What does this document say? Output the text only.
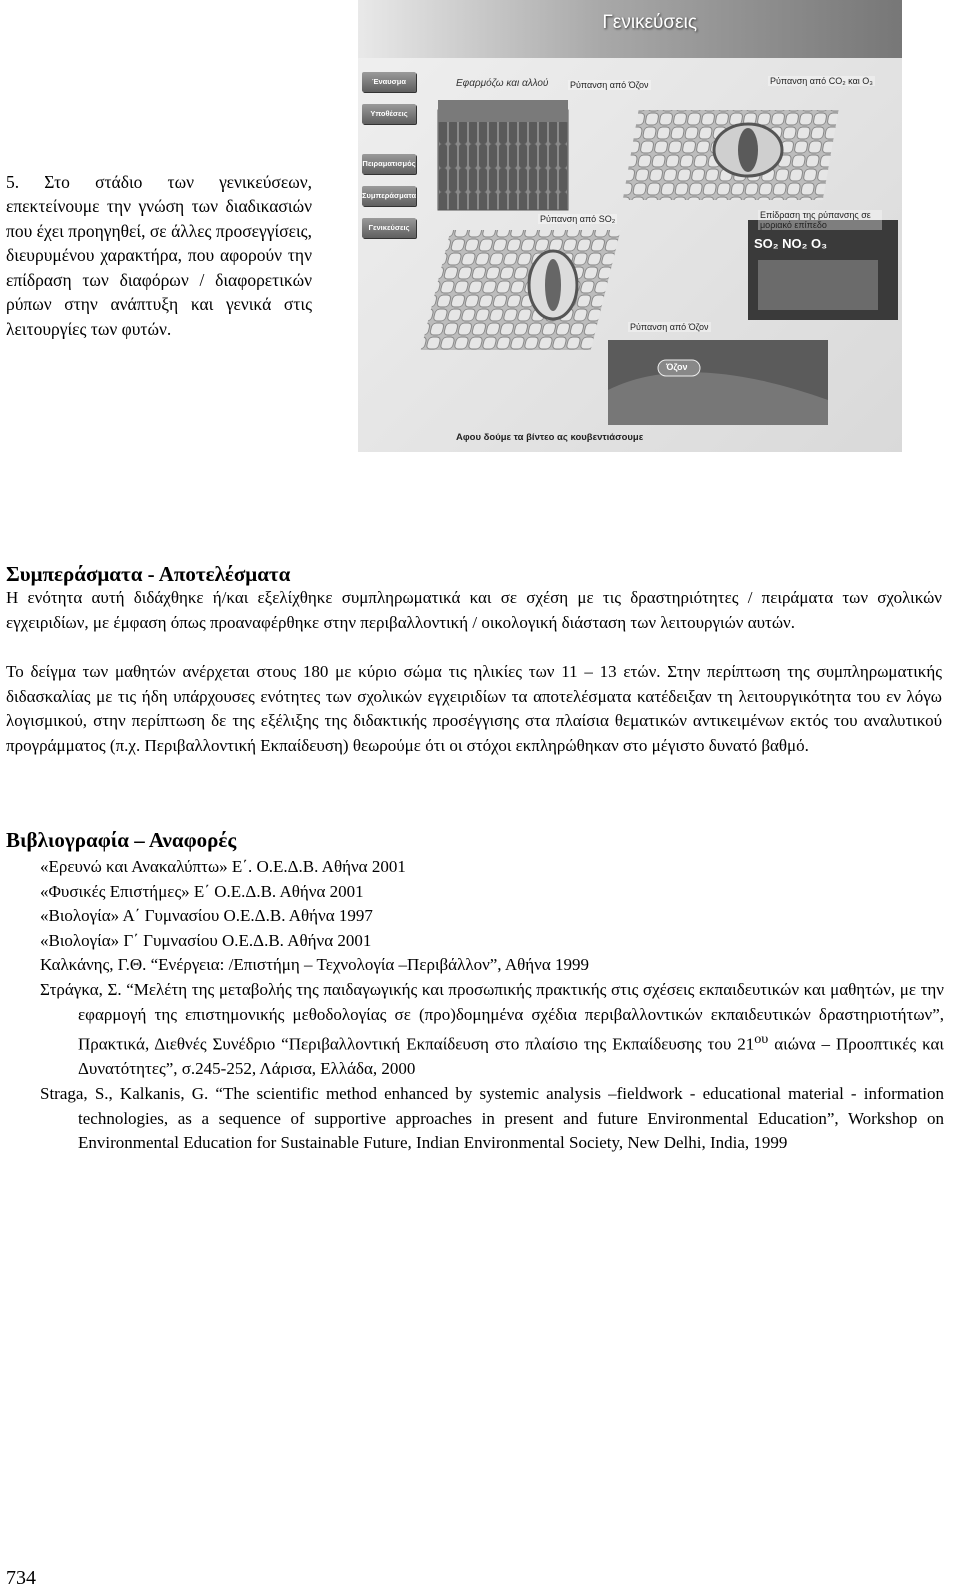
5. Στο στάδιο των γενικεύσεων, επεκτείνουμε την γνώση των διαδικασιών που έχει προηγηθεί, σε άλλες προσεγγίσεις, διευρυμένου χαρακτήρα, που αφορούν την επίδραση των διαφόρων / διαφορετικών ρύπων στην ανάπτυξη και γενικά στις λειτουργίες των φυτών.

Γενικεύσεις
Έναυσμα
Υποθέσεις
Πειραματισμός
Συμπεράσματα
Γενικεύσεις
Εφαρμόζω και αλλού Ρύπανση από Όζον	Ρύπανση από CO₂ και Ο₃
Ρύπανση από SO₂	Επίδραση της ρύπανσης σε μοριακό επίπεδο
SO₂ NO₂ O₃
Ρύπανση από Όζον
Όζον
Αφου δούμε τα βίντεο ας κουβεντιάσουμε
Συμπεράσματα - Αποτελέσματα

Η ενότητα αυτή διδάχθηκε ή/και εξελίχθηκε συμπληρωματικά και σε σχέση με τις δραστηριότητες / πειράματα των σχολικών εγχειριδίων, με έμφαση όπως προαναφέρθηκε στην περιβαλλοντική / οικολογική διάσταση των λειτουργιών αυτών.

Το δείγμα των μαθητών ανέρχεται στους 180 με κύριο σώμα τις ηλικίες των 11 – 13 ετών. Στην περίπτωση της συμπληρωματικής διδασκαλίας με τις ήδη υπάρχουσες ενότητες των σχολικών εγχειριδίων τα αποτελέσματα κατέδειξαν τη λειτουργικότητα του εν λόγω λογισμικού, στην περίπτωση δε της εξέλιξης της διδακτικής προσέγγισης στα πλαίσια θεματικών αντικειμένων εκτός του αναλυτικού προγράμματος (π.χ. Περιβαλλοντική Εκπαίδευση) θεωρούμε ότι οι στόχοι εκπληρώθηκαν στο μέγιστο δυνατό βαθμό.

Βιβλιογραφία – Αναφορές

«Ερευνώ και Ανακαλύπτω» Ε΄. Ο.Ε.Δ.Β. Αθήνα 2001

«Φυσικές Επιστήμες» Ε΄ Ο.Ε.Δ.Β. Αθήνα 2001

«Βιολογία» Α΄ Γυμνασίου Ο.Ε.Δ.Β. Αθήνα 1997

«Βιολογία» Γ΄ Γυμνασίου Ο.Ε.Δ.Β. Αθήνα 2001

Καλκάνης, Γ.Θ. “Ενέργεια: /Επιστήμη – Τεχνολογία –Περιβάλλον”, Αθήνα 1999

Στράγκα, Σ. “Μελέτη της μεταβολής της παιδαγωγικής και προσωπικής πρακτικής στις σχέσεις εκπαιδευτικών και μαθητών, με την εφαρμογή της επιστημονικής μεθοδολογίας σε (προ)δομημένα σχέδια περιβαλλοντικών εκπαιδευτικών δραστηριοτήτων”, Πρακτικά, Διεθνές Συνέδριο “Περιβαλλοντική Εκπαίδευση στο πλαίσιο της Εκπαίδευσης του $21^{o\upsilon}$ αιώνα – Προοπτικές και Δυνατότητες”, σ.245-252, Λάρισα, Ελλάδα, 2000

Straga, S., Kalkanis, G. “The scientific method enhanced by systemic analysis –fieldwork - educational material - information technologies, as a sequence of supportive approaches in present and future Environmental Education”, Workshop on Environmental Education for Sustainable Future, Indian Environmental Society, New Delhi, India, 1999

734
